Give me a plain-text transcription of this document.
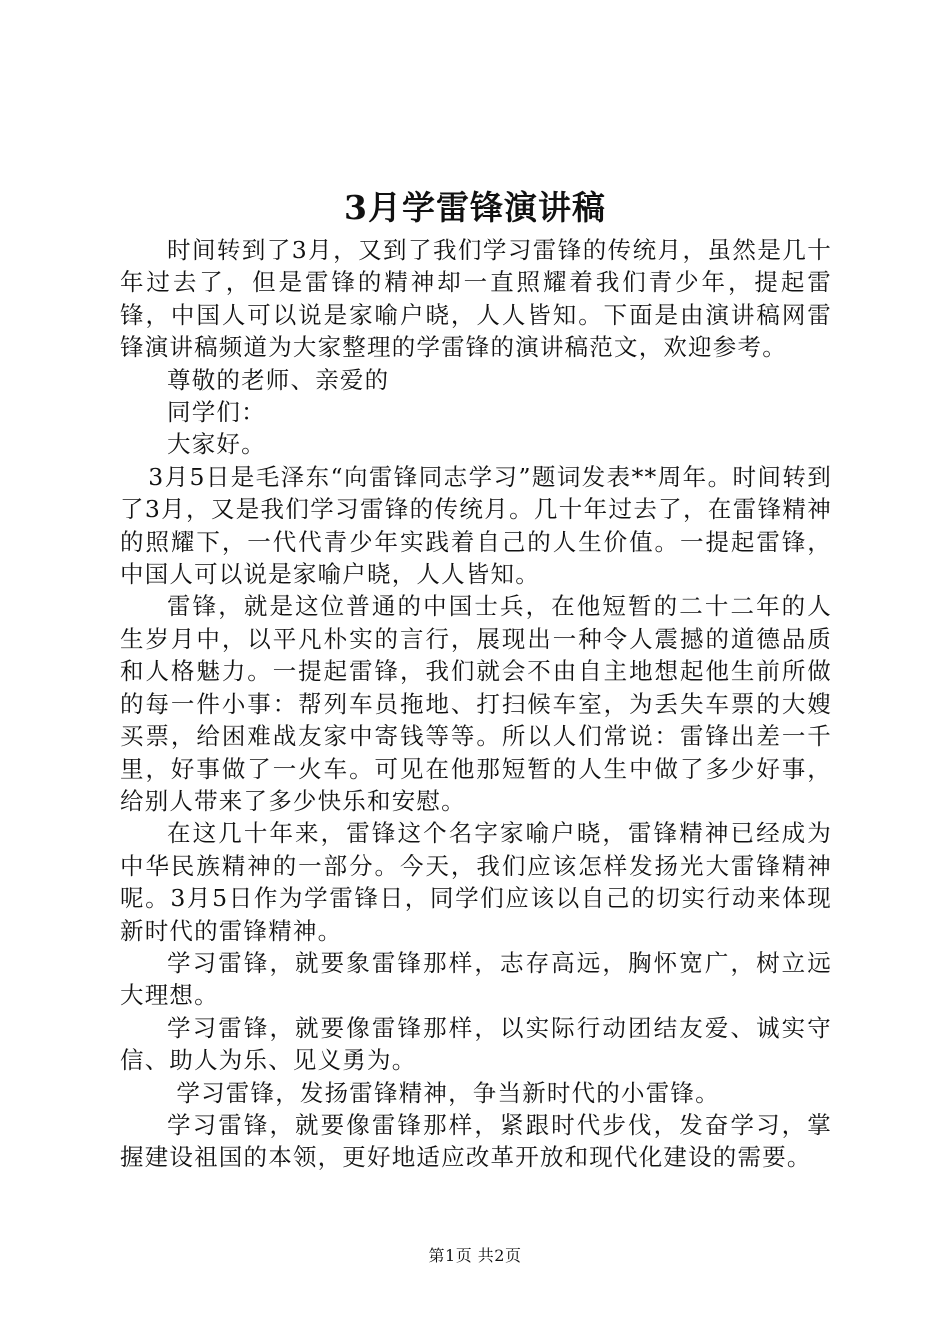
3月学雷锋演讲稿

时间转到了3月，又到了我们学习雷锋的传统月，虽然是几十年过去了，但是雷锋的精神却一直照耀着我们青少年，提起雷锋，中国人可以说是家喻户晓，人人皆知。下面是由演讲稿网雷锋演讲稿频道为大家整理的学雷锋的演讲稿范文，欢迎参考。

尊敬的老师、亲爱的

同学们：

大家好。

3月5日是毛泽东“向雷锋同志学习”题词发表**周年。时间转到了3月，又是我们学习雷锋的传统月。几十年过去了，在雷锋精神的照耀下，一代代青少年实践着自己的人生价值。一提起雷锋，中国人可以说是家喻户晓，人人皆知。

雷锋，就是这位普通的中国士兵，在他短暂的二十二年的人生岁月中，以平凡朴实的言行，展现出一种令人震撼的道德品质和人格魅力。一提起雷锋，我们就会不由自主地想起他生前所做的每一件小事：帮列车员拖地、打扫候车室，为丢失车票的大嫂买票，给困难战友家中寄钱等等。所以人们常说：雷锋出差一千里，好事做了一火车。可见在他那短暂的人生中做了多少好事，给别人带来了多少快乐和安慰。

在这几十年来，雷锋这个名字家喻户晓，雷锋精神已经成为中华民族精神的一部分。今天，我们应该怎样发扬光大雷锋精神呢。3月5日作为学雷锋日，同学们应该以自己的切实行动来体现新时代的雷锋精神。

学习雷锋，就要象雷锋那样，志存高远，胸怀宽广，树立远大理想。

学习雷锋，就要像雷锋那样，以实际行动团结友爱、诚实守信、助人为乐、见义勇为。

学习雷锋，发扬雷锋精神，争当新时代的小雷锋。

学习雷锋，就要像雷锋那样，紧跟时代步伐，发奋学习，掌握建设祖国的本领，更好地适应改革开放和现代化建设的需要。

第1页 共2页
